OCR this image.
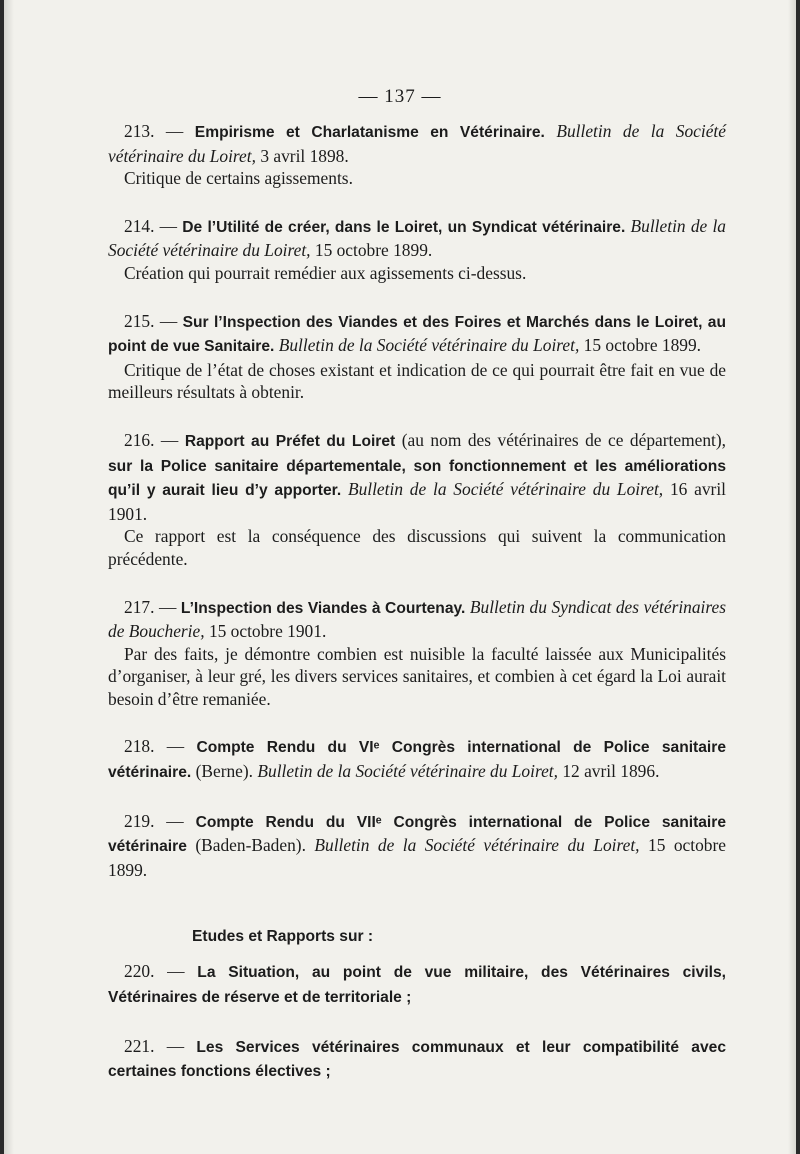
— 137 —
213. — Empirisme et Charlatanisme en Vétérinaire. Bulletin de la Société vétérinaire du Loiret, 3 avril 1898.
Critique de certains agissements.
214. — De l’Utilité de créer, dans le Loiret, un Syndicat vétérinaire. Bulletin de la Société vétérinaire du Loiret, 15 octobre 1899.
Création qui pourrait remédier aux agissements ci-dessus.
215. — Sur l’Inspection des Viandes et des Foires et Marchés dans le Loiret, au point de vue Sanitaire. Bulletin de la Société vétérinaire du Loiret, 15 octobre 1899.
Critique de l’état de choses existant et indication de ce qui pourrait être fait en vue de meilleurs résultats à obtenir.
216. — Rapport au Préfet du Loiret (au nom des vétérinaires de ce département), sur la Police sanitaire départementale, son fonctionnement et les améliorations qu’il y aurait lieu d’y apporter. Bulletin de la Société vétérinaire du Loiret, 16 avril 1901.
Ce rapport est la conséquence des discussions qui suivent la communication précédente.
217. — L’Inspection des Viandes à Courtenay. Bulletin du Syndicat des vétérinaires de Boucherie, 15 octobre 1901.
Par des faits, je démontre combien est nuisible la faculté laissée aux Municipalités d’organiser, à leur gré, les divers services sanitaires, et combien à cet égard la Loi aurait besoin d’être remaniée.
218. — Compte Rendu du VIᵉ Congrès international de Police sanitaire vétérinaire. (Berne). Bulletin de la Société vétérinaire du Loiret, 12 avril 1896.
219. — Compte Rendu du VIIᵉ Congrès international de Police sanitaire vétérinaire (Baden-Baden). Bulletin de la Société vétérinaire du Loiret, 15 octobre 1899.
Etudes et Rapports sur :
220. — La Situation, au point de vue militaire, des Vétérinaires civils, Vétérinaires de réserve et de territoriale ;
221. — Les Services vétérinaires communaux et leur compatibilité avec certaines fonctions électives ;
